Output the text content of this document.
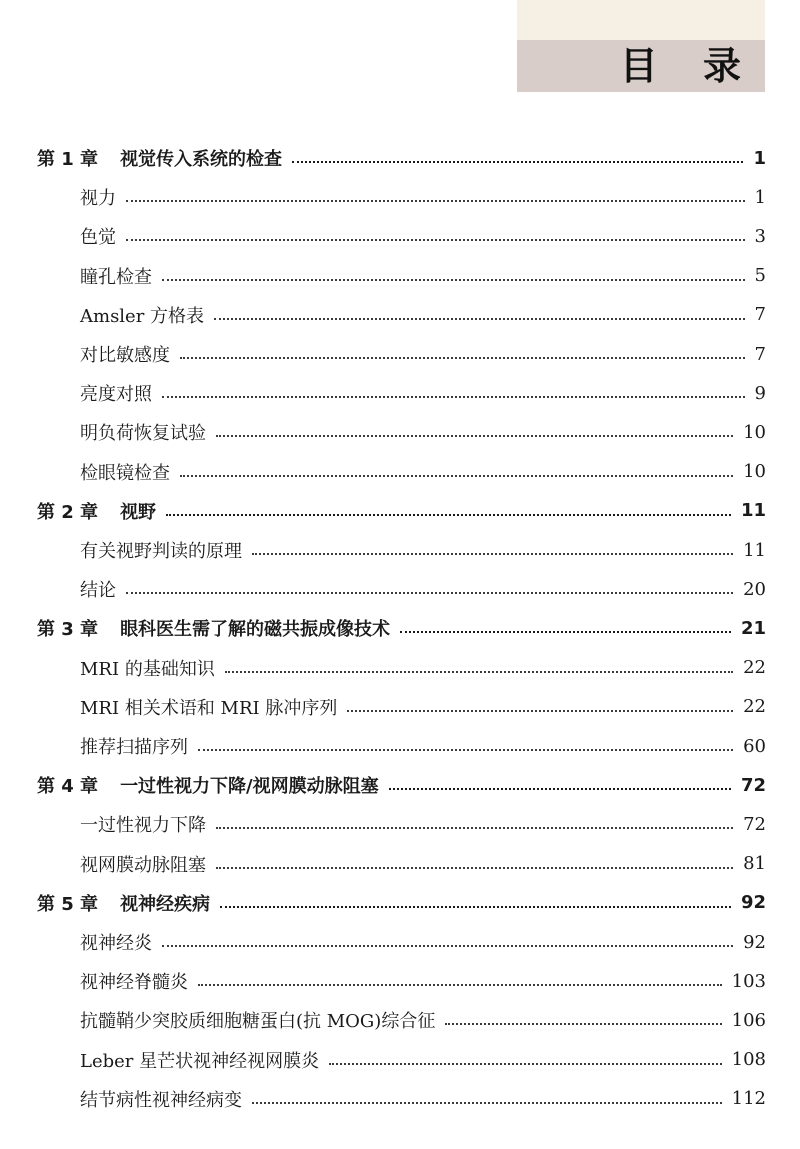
目 录
第 1 章 视觉传入系统的检查	1
视力	1
色觉	3
瞳孔检查	5
Amsler 方格表	7
对比敏感度	7
亮度对照	9
明负荷恢复试验	10
检眼镜检查	10
第 2 章 视野	11
有关视野判读的原理	11
结论	20
第 3 章 眼科医生需了解的磁共振成像技术	21
MRI 的基础知识	22
MRI 相关术语和 MRI 脉冲序列	22
推荐扫描序列	60
第 4 章 一过性视力下降/视网膜动脉阻塞	72
一过性视力下降	72
视网膜动脉阻塞	81
第 5 章 视神经疾病	92
视神经炎	92
视神经脊髓炎	103
抗髓鞘少突胶质细胞糖蛋白(抗 MOG)综合征	106
Leber 星芒状视神经视网膜炎	108
结节病性视神经病变	112
